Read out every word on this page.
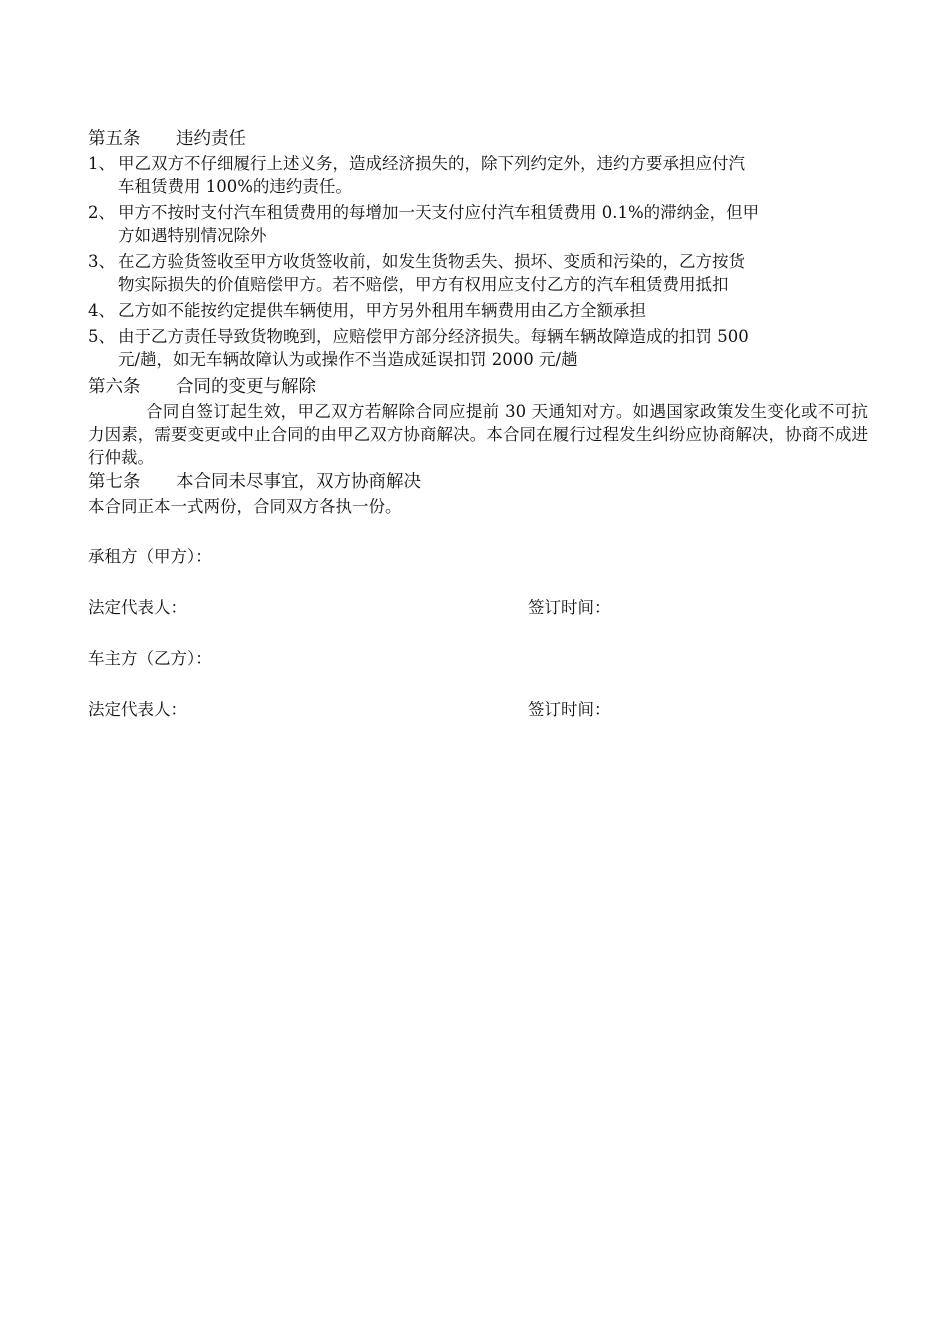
第五条 违约责任
1、 甲乙双方不仔细履行上述义务，造成经济损失的，除下列约定外，违约方要承担应付汽
车租赁费用 100%的违约责任。
2、 甲方不按时支付汽车租赁费用的每增加一天支付应付汽车租赁费用 0.1%的滞纳金，但甲
方如遇特别情况除外
3、 在乙方验货签收至甲方收货签收前，如发生货物丢失、损坏、变质和污染的，乙方按货
物实际损失的价值赔偿甲方。若不赔偿，甲方有权用应支付乙方的汽车租赁费用抵扣
4、 乙方如不能按约定提供车辆使用，甲方另外租用车辆费用由乙方全额承担
5、 由于乙方责任导致货物晚到，应赔偿甲方部分经济损失。每辆车辆故障造成的扣罚 500
元/趟，如无车辆故障认为或操作不当造成延误扣罚 2000 元/趟
第六条 合同的变更与解除
合同自签订起生效，甲乙双方若解除合同应提前 30 天通知对方。如遇国家政策发生变化或不可抗力因素，需要变更或中止合同的由甲乙双方协商解决。本合同在履行过程发生纠纷应协商解决，协商不成进行仲裁。
第七条 本合同未尽事宜，双方协商解决
本合同正本一式两份，合同双方各执一份。
承租方（甲方）：
法定代表人：	签订时间：
车主方（乙方）：
法定代表人：	签订时间：
